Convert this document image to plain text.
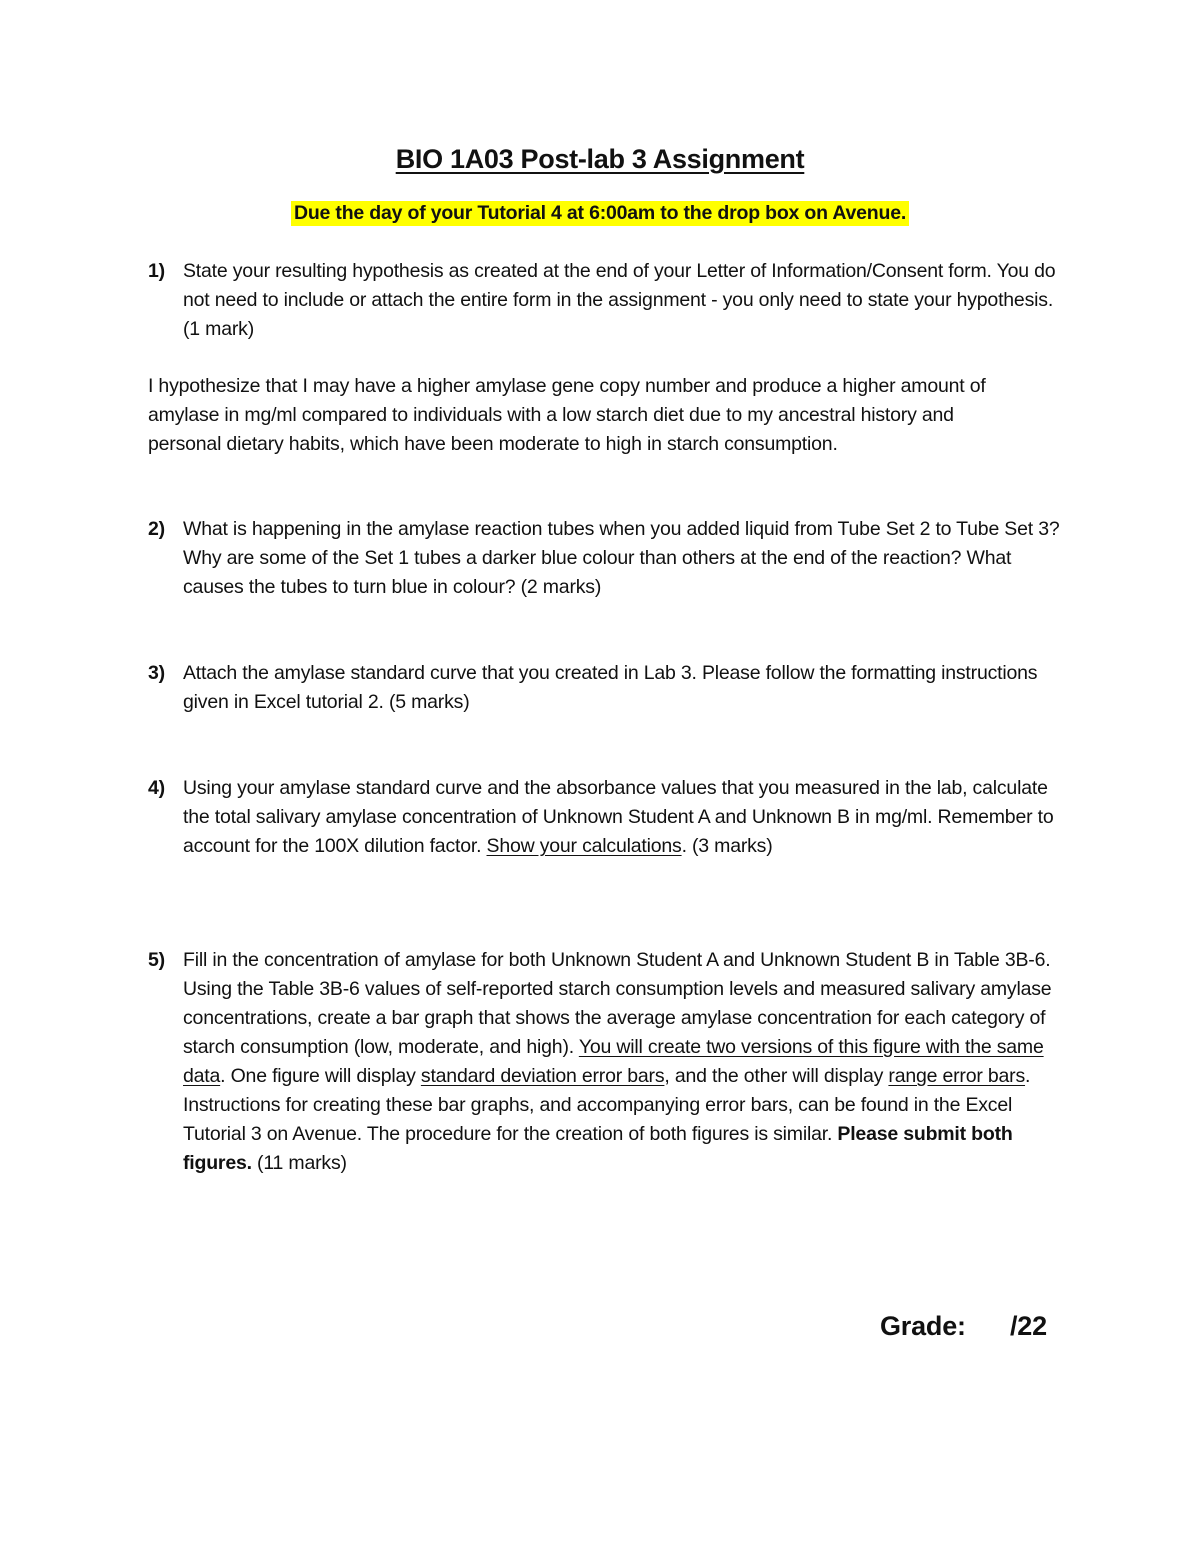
BIO 1A03 Post-lab 3 Assignment
Due the day of your Tutorial 4 at 6:00am to the drop box on Avenue.
1) State your resulting hypothesis as created at the end of your Letter of Information/Consent form. You do not need to include or attach the entire form in the assignment - you only need to state your hypothesis. (1 mark)
I hypothesize that I may have a higher amylase gene copy number and produce a higher amount of amylase in mg/ml compared to individuals with a low starch diet due to my ancestral history and personal dietary habits, which have been moderate to high in starch consumption.
2) What is happening in the amylase reaction tubes when you added liquid from Tube Set 2 to Tube Set 3? Why are some of the Set 1 tubes a darker blue colour than others at the end of the reaction? What causes the tubes to turn blue in colour? (2 marks)
3) Attach the amylase standard curve that you created in Lab 3. Please follow the formatting instructions given in Excel tutorial 2. (5 marks)
4) Using your amylase standard curve and the absorbance values that you measured in the lab, calculate the total salivary amylase concentration of Unknown Student A and Unknown B in mg/ml. Remember to account for the 100X dilution factor. Show your calculations. (3 marks)
5) Fill in the concentration of amylase for both Unknown Student A and Unknown Student B in Table 3B-6. Using the Table 3B-6 values of self-reported starch consumption levels and measured salivary amylase concentrations, create a bar graph that shows the average amylase concentration for each category of starch consumption (low, moderate, and high). You will create two versions of this figure with the same data. One figure will display standard deviation error bars, and the other will display range error bars. Instructions for creating these bar graphs, and accompanying error bars, can be found in the Excel Tutorial 3 on Avenue. The procedure for the creation of both figures is similar. Please submit both figures. (11 marks)
Grade: /22
